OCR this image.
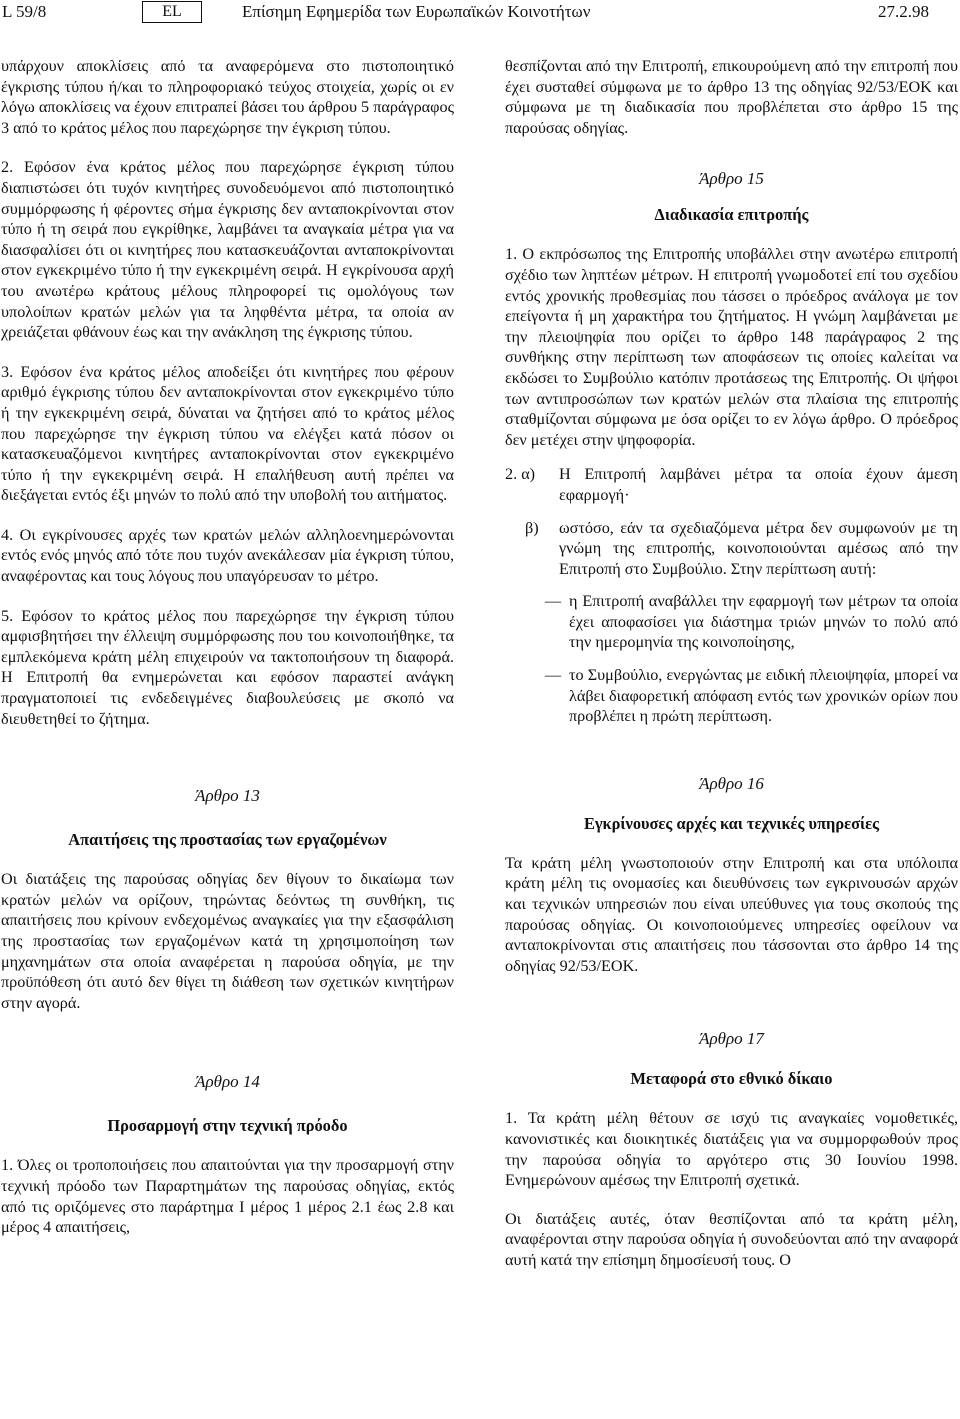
L 59/8	EL	Επίσημη Εφημερίδα των Ευρωπαϊκών Κοινοτήτων	27.2.98

υπάρχουν αποκλίσεις από τα αναφερόμενα στο πιστοποιητικό έγκρισης τύπου ή/και το πληροφοριακό τεύχος στοιχεία, χωρίς οι εν λόγω αποκλίσεις να έχουν επιτραπεί βάσει του άρθρου 5 παράγραφος 3 από το κράτος μέλος που παρεχώρησε την έγκριση τύπου.

2. Εφόσον ένα κράτος μέλος που παρεχώρησε έγκριση τύπου διαπιστώσει ότι τυχόν κινητήρες συνοδευόμενοι από πιστοποιητικό συμμόρφωσης ή φέροντες σήμα έγκρισης δεν ανταποκρίνονται στον τύπο ή τη σειρά που εγκρίθηκε, λαμβάνει τα αναγκαία μέτρα για να διασφαλίσει ότι οι κινητήρες που κατασκευάζονται ανταποκρίνονται στον εγκεκριμένο τύπο ή την εγκεκριμένη σειρά. Η εγκρίνουσα αρχή του ανωτέρω κράτους μέλους πληροφορεί τις ομολόγους των υπολοίπων κρατών μελών για τα ληφθέντα μέτρα, τα οποία αν χρειάζεται φθάνουν έως και την ανάκληση της έγκρισης τύπου.

3. Εφόσον ένα κράτος μέλος αποδείξει ότι κινητήρες που φέρουν αριθμό έγκρισης τύπου δεν ανταποκρίνονται στον εγκεκριμένο τύπο ή την εγκεκριμένη σειρά, δύναται να ζητήσει από το κράτος μέλος που παρεχώρησε την έγκριση τύπου να ελέγξει κατά πόσον οι κατασκευαζόμενοι κινητήρες ανταποκρίνονται στον εγκεκριμένο τύπο ή την εγκεκριμένη σειρά. Η επαλήθευση αυτή πρέπει να διεξάγεται εντός έξι μηνών το πολύ από την υποβολή του αιτήματος.

4. Οι εγκρίνουσες αρχές των κρατών μελών αλληλοενημερώνονται εντός ενός μηνός από τότε που τυχόν ανεκάλεσαν μία έγκριση τύπου, αναφέροντας και τους λόγους που υπαγόρευσαν το μέτρο.

5. Εφόσον το κράτος μέλος που παρεχώρησε την έγκριση τύπου αμφισβητήσει την έλλειψη συμμόρφωσης που του κοινοποιήθηκε, τα εμπλεκόμενα κράτη μέλη επιχειρούν να τακτοποιήσουν τη διαφορά. Η Επιτροπή θα ενημερώνεται και εφόσον παραστεί ανάγκη πραγματοποιεί τις ενδεδειγμένες διαβουλεύσεις με σκοπό να διευθετηθεί το ζήτημα.

Άρθρο 13

Απαιτήσεις της προστασίας των εργαζομένων

Οι διατάξεις της παρούσας οδηγίας δεν θίγουν το δικαίωμα των κρατών μελών να ορίζουν, τηρώντας δεόντως τη συνθήκη, τις απαιτήσεις που κρίνουν ενδεχομένως αναγκαίες για την εξασφάλιση της προστασίας των εργαζομένων κατά τη χρησιμοποίηση των μηχανημάτων στα οποία αναφέρεται η παρούσα οδηγία, με την προϋπόθεση ότι αυτό δεν θίγει τη διάθεση των σχετικών κινητήρων στην αγορά.

Άρθρο 14

Προσαρμογή στην τεχνική πρόοδο

1. Όλες οι τροποποιήσεις που απαιτούνται για την προσαρμογή στην τεχνική πρόοδο των Παραρτημάτων της παρούσας οδηγίας, εκτός από τις οριζόμενες στο παράρτημα Ι μέρος 1 μέρος 2.1 έως 2.8 και μέρος 4 απαιτήσεις,

θεσπίζονται από την Επιτροπή, επικουρούμενη από την επιτροπή που έχει συσταθεί σύμφωνα με το άρθρο 13 της οδηγίας 92/53/ΕΟΚ και σύμφωνα με τη διαδικασία που προβλέπεται στο άρθρο 15 της παρούσας οδηγίας.

Άρθρο 15

Διαδικασία επιτροπής

1. Ο εκπρόσωπος της Επιτροπής υποβάλλει στην ανωτέρω επιτροπή σχέδιο των ληπτέων μέτρων. Η επιτροπή γνωμοδοτεί επί του σχεδίου εντός χρονικής προθεσμίας που τάσσει ο πρόεδρος ανάλογα με τον επείγοντα ή μη χαρακτήρα του ζητήματος. Η γνώμη λαμβάνεται με την πλειοψηφία που ορίζει το άρθρο 148 παράγραφος 2 της συνθήκης στην περίπτωση των αποφάσεων τις οποίες καλείται να εκδώσει το Συμβούλιο κατόπιν προτάσεως της Επιτροπής. Οι ψήφοι των αντιπροσώπων των κρατών μελών στα πλαίσια της επιτροπής σταθμίζονται σύμφωνα με όσα ορίζει το εν λόγω άρθρο. Ο πρόεδρος δεν μετέχει στην ψηφοφορία.

2. α)	Η Επιτροπή λαμβάνει μέτρα τα οποία έχουν άμεση εφαρμογή·
β)	ωστόσο, εάν τα σχεδιαζόμενα μέτρα δεν συμφωνούν με τη γνώμη της επιτροπής, κοινοποιούνται αμέσως από την Επιτροπή στο Συμβούλιο. Στην περίπτωση αυτή:
— η Επιτροπή αναβάλλει την εφαρμογή των μέτρων τα οποία έχει αποφασίσει για διάστημα τριών μηνών το πολύ από την ημερομηνία της κοινοποίησης,
— το Συμβούλιο, ενεργώντας με ειδική πλειοψηφία, μπορεί να λάβει διαφορετική απόφαση εντός των χρονικών ορίων που προβλέπει η πρώτη περίπτωση.

Άρθρο 16

Εγκρίνουσες αρχές και τεχνικές υπηρεσίες

Τα κράτη μέλη γνωστοποιούν στην Επιτροπή και στα υπόλοιπα κράτη μέλη τις ονομασίες και διευθύνσεις των εγκρινουσών αρχών και τεχνικών υπηρεσιών που είναι υπεύθυνες για τους σκοπούς της παρούσας οδηγίας. Οι κοινοποιούμενες υπηρεσίες οφείλουν να ανταποκρίνονται στις απαιτήσεις που τάσσονται στο άρθρο 14 της οδηγίας 92/53/ΕΟΚ.

Άρθρο 17

Μεταφορά στο εθνικό δίκαιο

1. Τα κράτη μέλη θέτουν σε ισχύ τις αναγκαίες νομοθετικές, κανονιστικές και διοικητικές διατάξεις για να συμμορφωθούν προς την παρούσα οδηγία το αργότερο στις 30 Ιουνίου 1998. Ενημερώνουν αμέσως την Επιτροπή σχετικά.

Οι διατάξεις αυτές, όταν θεσπίζονται από τα κράτη μέλη, αναφέρονται στην παρούσα οδηγία ή συνοδεύονται από την αναφορά αυτή κατά την επίσημη δημοσίευσή τους. Ο
